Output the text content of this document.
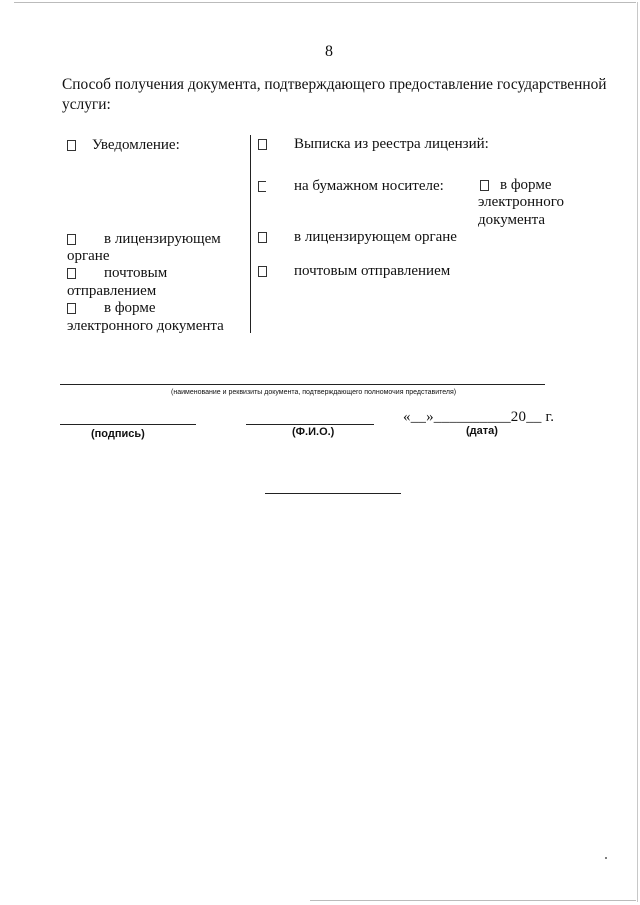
8
Способ получения документа, подтверждающего предоставление государственной
услуги:
Уведомление:
в лицензирующем
органе
почтовым
отправлением
в форме
электронного документа
Выписка из реестра лицензий:
на бумажном носителе:	в форме
электронного
документа
в лицензирующем органе
почтовым отправлением
(наименование и реквизиты документа, подтверждающего полномочия представителя)
«__»__________20__ г.
(подпись)	(Ф.И.О.)	(дата)
